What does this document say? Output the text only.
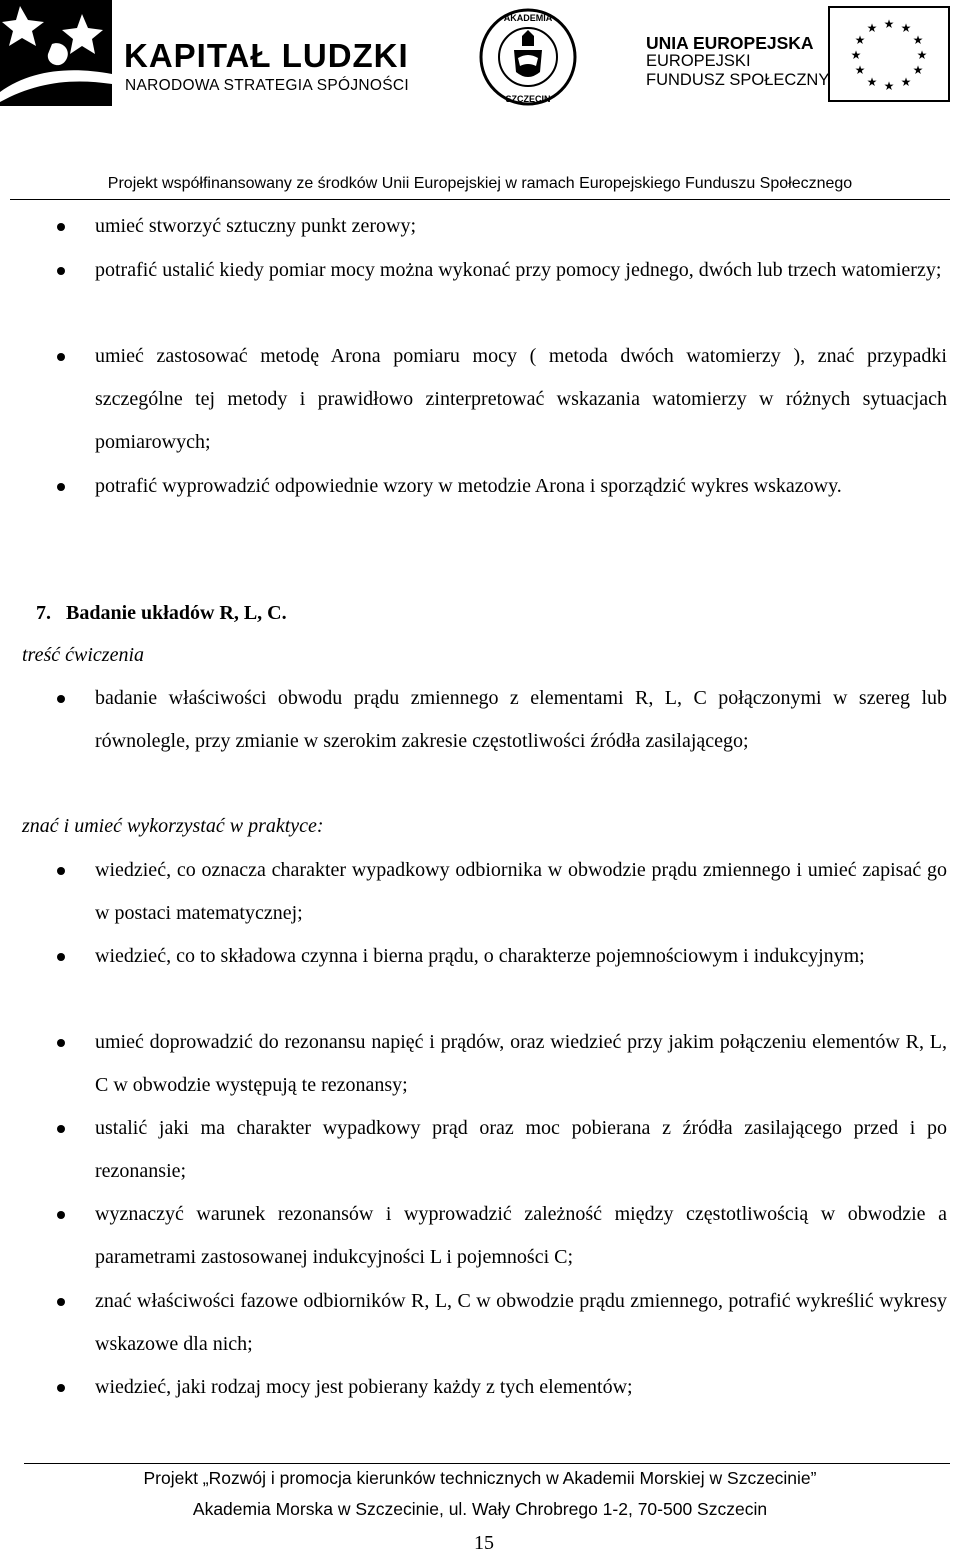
KAPITAŁ LUDZKI
NARODOWA STRATEGIA SPÓJNOŚCI
AKADEMIA
SZCZECIN
UNIA EUROPEJSKA
EUROPEJSKI
FUNDUSZ SPOŁECZNY
★ ★
★
★
★
★
★
★
★
★
★
★
Projekt współfinansowany ze środków Unii Europejskiej w ramach Europejskiego Funduszu Społecznego
umieć stworzyć sztuczny punkt zerowy;
potrafić ustalić kiedy pomiar mocy można wykonać przy pomocy jednego, dwóch lub trzech watomierzy;
umieć zastosować metodę Arona pomiaru mocy ( metoda dwóch watomierzy ), znać przypadki szczególne tej metody i prawidłowo zinterpretować wskazania watomierzy w różnych sytuacjach pomiarowych;
potrafić wyprowadzić odpowiednie wzory w metodzie Arona i sporządzić wykres wskazowy.
7. Badanie układów R, L, C.
treść ćwiczenia
badanie właściwości obwodu prądu zmiennego z elementami R, L, C połączonymi w szereg lub równolegle, przy zmianie w szerokim zakresie częstotliwości źródła zasilającego;
znać i umieć wykorzystać w praktyce:
wiedzieć, co oznacza charakter wypadkowy odbiornika w obwodzie prądu zmiennego i umieć zapisać go w postaci matematycznej;
wiedzieć, co to składowa czynna i bierna prądu, o charakterze pojemnościowym i indukcyjnym;
umieć doprowadzić do rezonansu napięć i prądów, oraz wiedzieć przy jakim połączeniu elementów R, L, C w obwodzie występują te rezonansy;
ustalić jaki ma charakter wypadkowy prąd oraz moc pobierana z źródła zasilającego przed i po rezonansie;
wyznaczyć warunek rezonansów i wyprowadzić zależność między częstotliwością w obwodzie a parametrami zastosowanej indukcyjności L i pojemności C;
znać właściwości fazowe odbiorników R, L, C w obwodzie prądu zmiennego, potrafić wykreślić wykresy wskazowe dla nich;
wiedzieć, jaki rodzaj mocy jest pobierany każdy z tych elementów;
Projekt „Rozwój i promocja kierunków technicznych w Akademii Morskiej w Szczecinie”
Akademia Morska w Szczecinie, ul. Wały Chrobrego 1-2, 70-500 Szczecin
15
